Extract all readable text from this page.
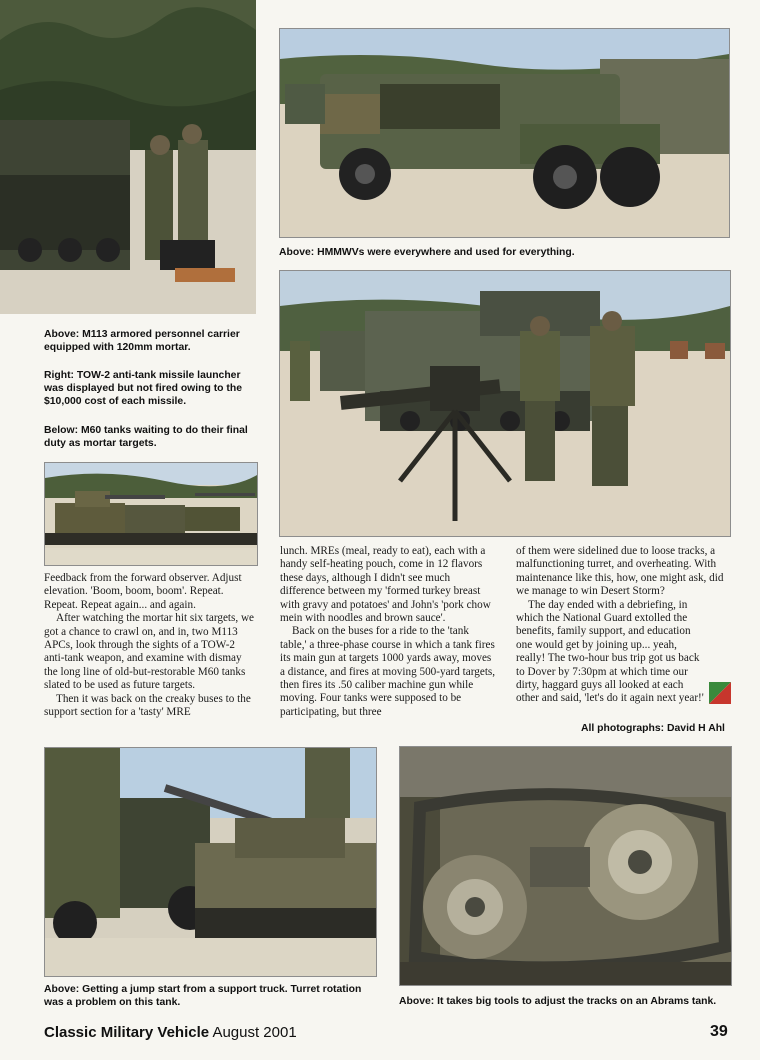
Above: HMMWVs were everywhere and used for everything.
Above: M113 armored personnel carrier equipped with 120mm mortar.
Right: TOW-2 anti-tank missile launcher was displayed but not fired owing to the $10,000 cost of each missile.
Below: M60 tanks waiting to do their final duty as mortar targets.

Feedback from the forward observer. Adjust elevation. 'Boom, boom, boom'. Repeat. Repeat. Repeat again... and again.

After watching the mortar hit six targets, we got a chance to crawl on, and in, two M113 APCs, look through the sights of a TOW-2 anti-tank weapon, and examine with dismay the long line of old-but-restorable M60 tanks slated to be used as future targets.

Then it was back on the creaky buses to the support section for a 'tasty' MRE

lunch. MREs (meal, ready to eat), each with a handy self-heating pouch, come in 12 flavors these days, although I didn't see much difference between my 'formed turkey breast with gravy and potatoes' and John's 'pork chow mein with noodles and brown sauce'.

Back on the buses for a ride to the 'tank table,' a three-phase course in which a tank fires its main gun at targets 1000 yards away, moves a distance, and fires at moving 500-yard targets, then fires its .50 caliber machine gun while moving. Four tanks were supposed to be participating, but three

of them were sidelined due to loose tracks, a malfunctioning turret, and overheating. With maintenance like this, how, one might ask, did we manage to win Desert Storm?

The day ended with a debriefing, in which the National Guard extolled the benefits, family support, and education one would get by joining up... yeah, really! The two-hour bus trip got us back to Dover by 7:30pm at which time our dirty, haggard guys all looked at each other and said, 'let's do it again next year!'

All photographs: David H Ahl
Above: Getting a jump start from a support truck. Turret rotation was a problem on this tank.	Above: It takes big tools to adjust the tracks on an Abrams tank.
Classic Military Vehicle August 2001	39
